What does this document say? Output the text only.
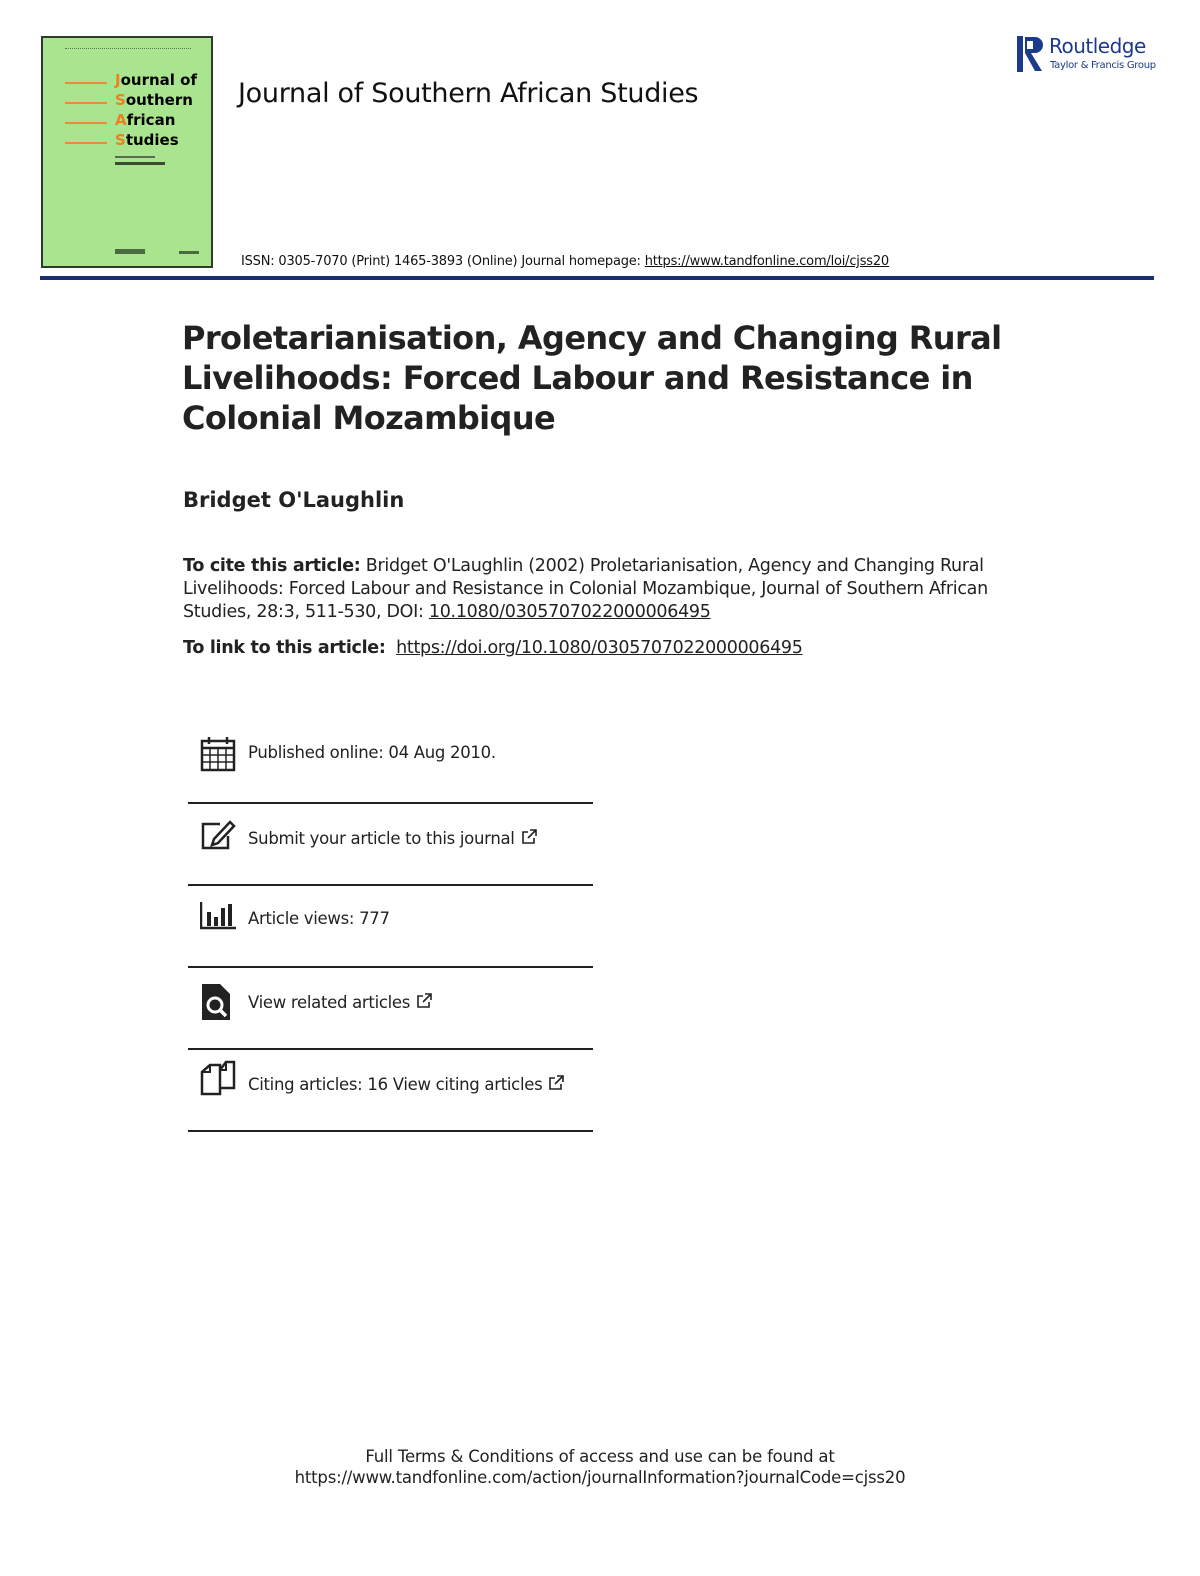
Journal of
Southern
African
Studies
Journal of Southern African Studies
ISSN: 0305-7070 (Print) 1465-3893 (Online) Journal homepage: https://www.tandfonline.com/loi/cjss20
Routledge
Taylor & Francis Group
Proletarianisation, Agency and Changing Rural Livelihoods: Forced Labour and Resistance in Colonial Mozambique
Bridget O'Laughlin
To cite this article: Bridget O'Laughlin (2002) Proletarianisation, Agency and Changing Rural Livelihoods: Forced Labour and Resistance in Colonial Mozambique, Journal of Southern African Studies, 28:3, 511-530, DOI: 10.1080/0305707022000006495
To link to this article: https://doi.org/10.1080/0305707022000006495
Published online: 04 Aug 2010.
Submit your article to this journal
Article views: 777
View related articles
Citing articles: 16 View citing articles
Full Terms & Conditions of access and use can be found at
https://www.tandfonline.com/action/journalInformation?journalCode=cjss20
